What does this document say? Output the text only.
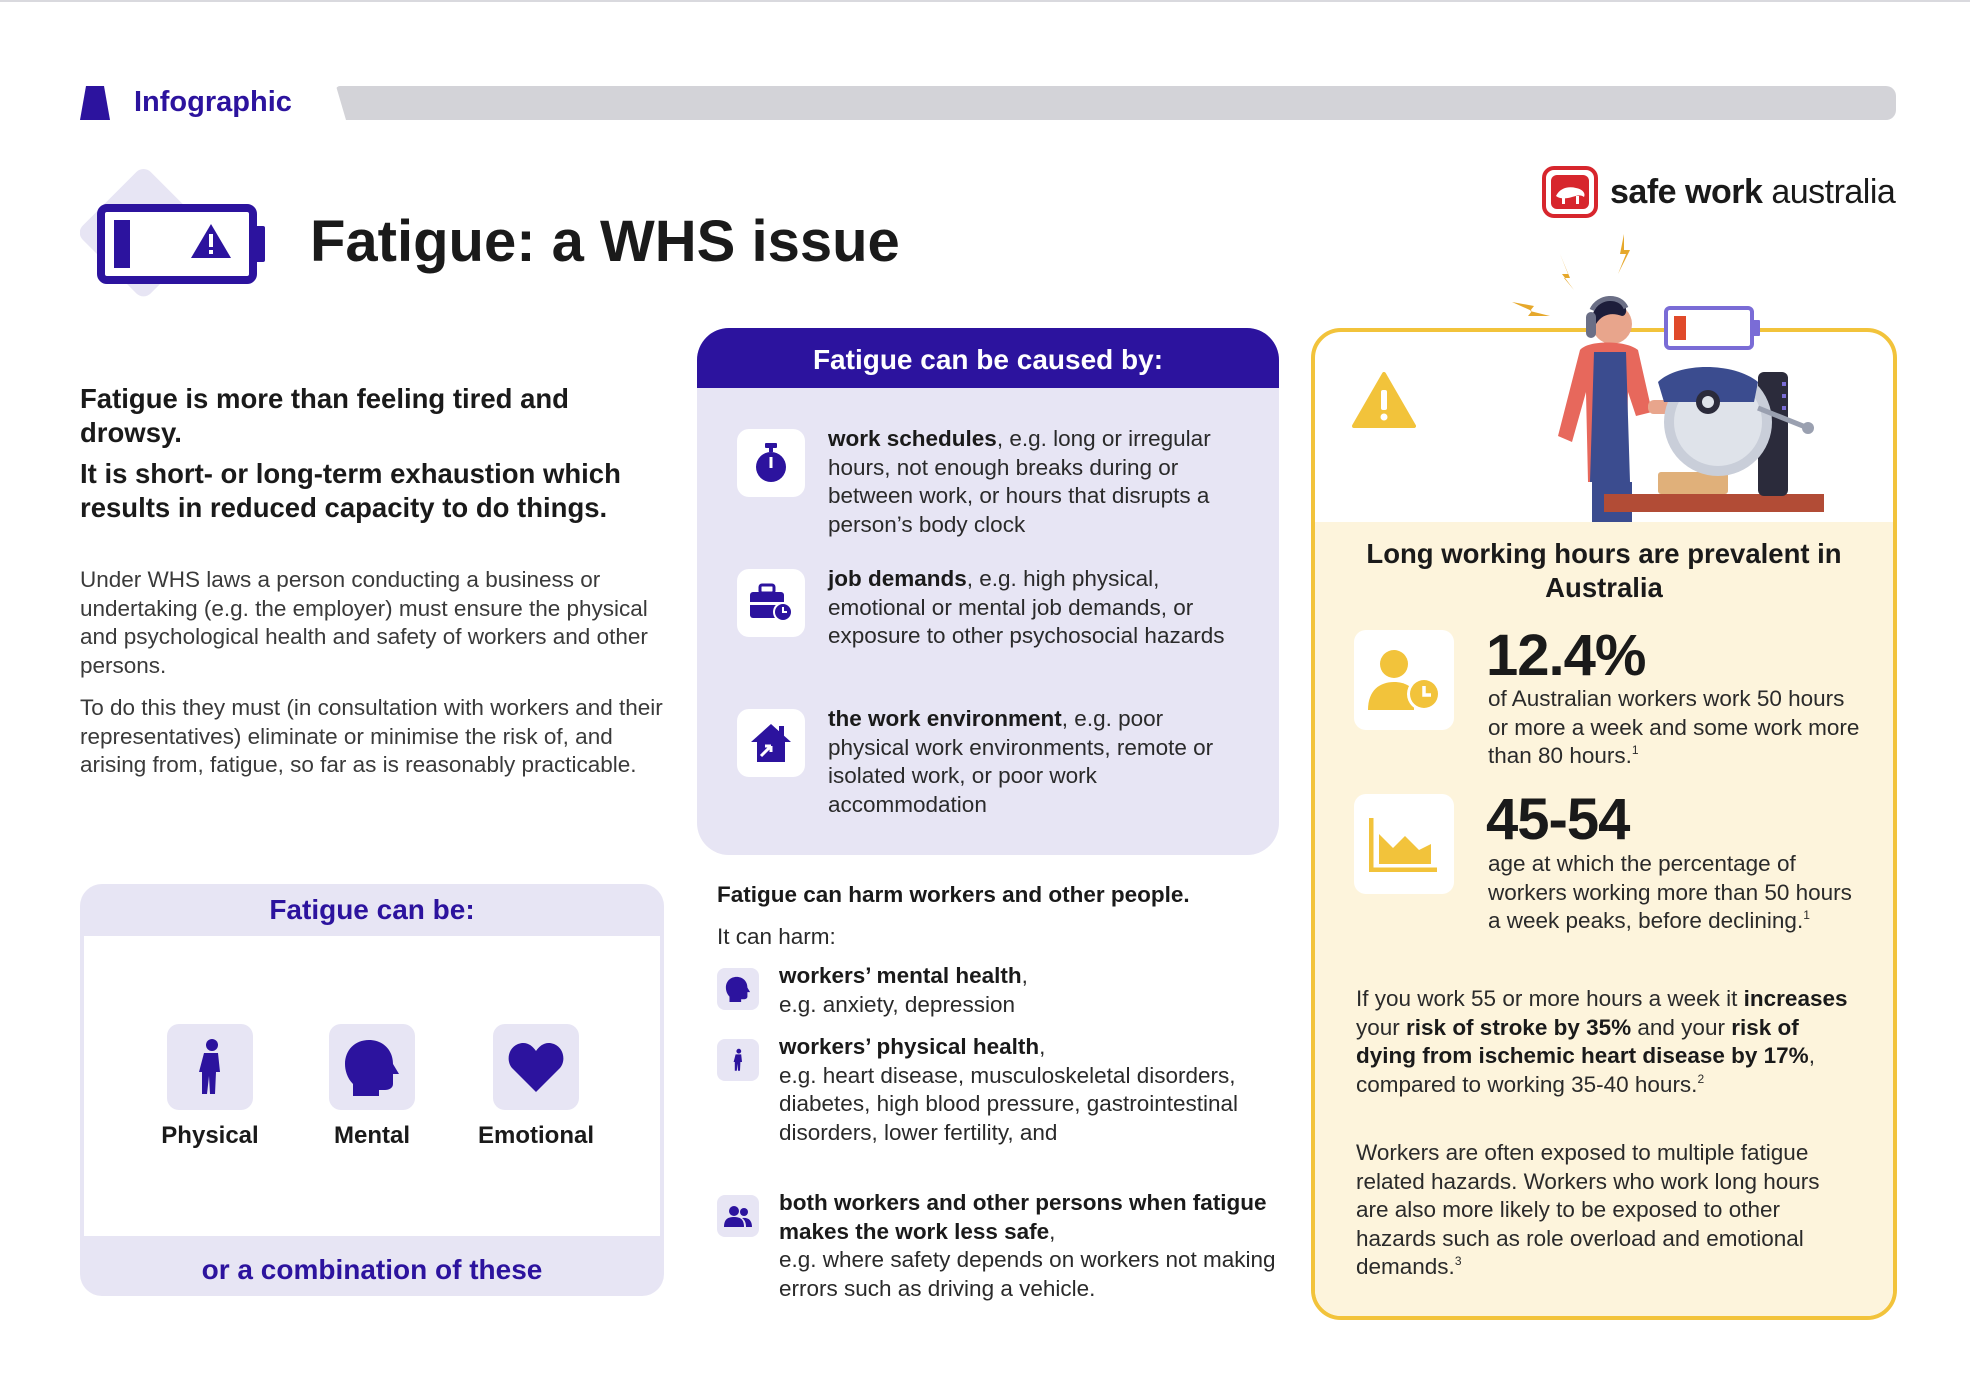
Infographic
Fatigue: a WHS issue
safe work australia

Fatigue is more than feeling tired and drowsy.

It is short- or long-term exhaustion which results in reduced capacity to do things.

Under WHS laws a person conducting a business or undertaking (e.g. the employer) must ensure the physical and psychological health and safety of workers and other persons.

To do this they must (in consultation with workers and their representatives) eliminate or minimise the risk of, and arising from, fatigue, so far as is reasonably practicable.

Fatigue can be:
Physical	Mental	Emotional
or a combination of these
Fatigue can be caused by:
work schedules, e.g. long or irregular hours, not enough breaks during or between work, or hours that disrupts a person’s body clock
job demands, e.g. high physical, emotional or mental job demands, or exposure to other psychosocial hazards
the work environment, e.g. poor physical work environments, remote or isolated work, or poor work accommodation
Fatigue can harm workers and other people.
It can harm:
workers’ mental health,
e.g. anxiety, depression
workers’ physical health,
e.g. heart disease, musculoskeletal disorders, diabetes, high blood pressure, gastrointestinal disorders, lower fertility, and
both workers and other persons when fatigue makes the work less safe,
e.g. where safety depends on workers not making errors such as driving a vehicle.
Long working hours are prevalent in Australia
12.4%
of Australian workers work 50 hours or more a week and some work more than 80 hours.$^1$
45-54
age at which the percentage of workers working more than 50 hours a week peaks, before declining.$^1$
If you work 55 or more hours a week it increases your risk of stroke by 35% and your risk of dying from ischemic heart disease by 17%, compared to working 35-40 hours.$^2$
Workers are often exposed to multiple fatigue related hazards. Workers who work long hours are also more likely to be exposed to other hazards such as role overload and emotional demands.$^3$
